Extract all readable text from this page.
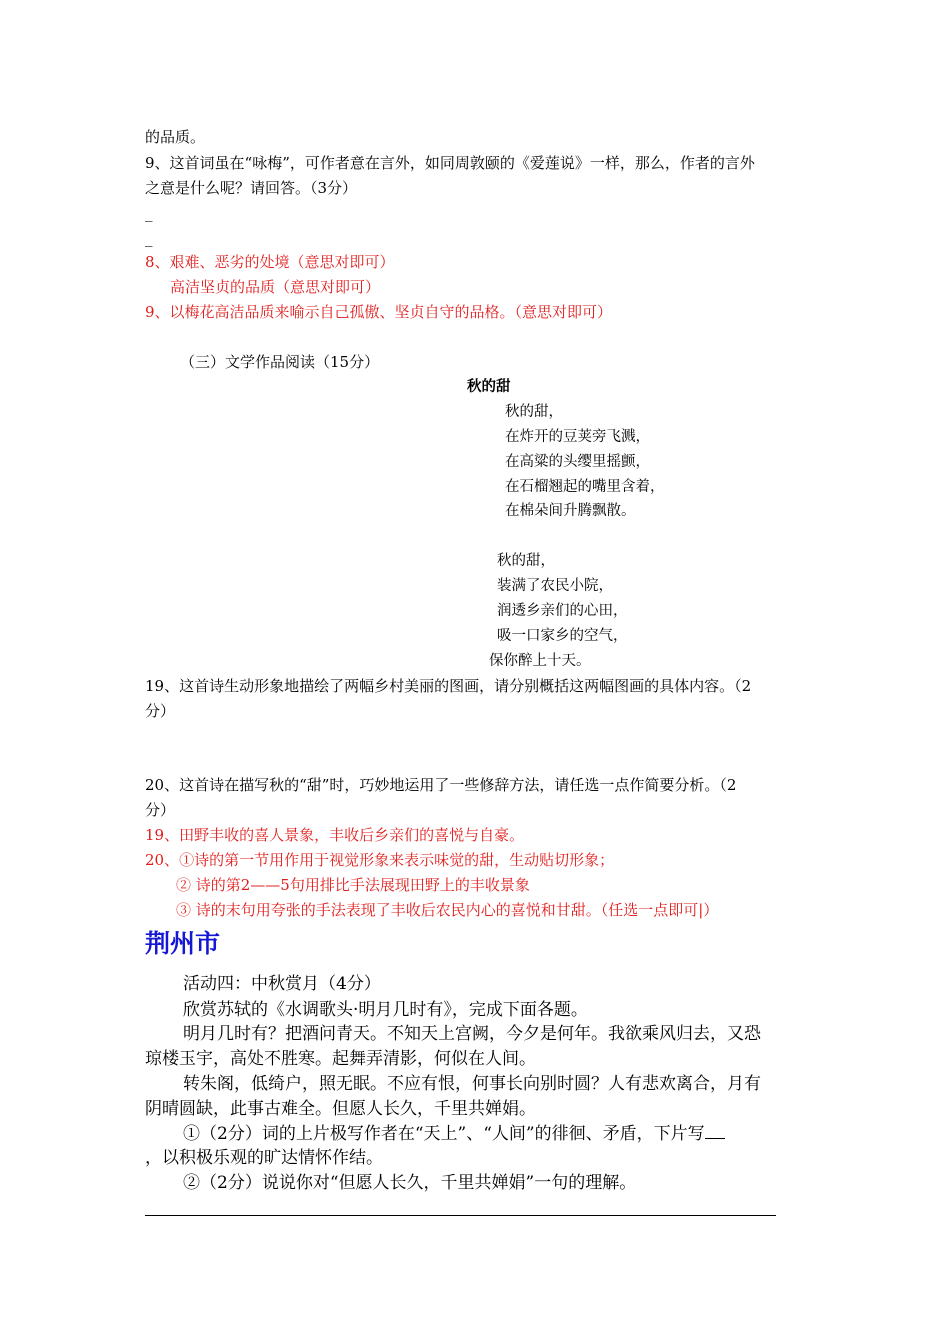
的品质。
9、这首词虽在“咏梅”，可作者意在言外，如同周敦颐的《爱莲说》一样，那么，作者的言外
之意是什么呢？请回答。（3分）
_
_
8、艰难、恶劣的处境（意思对即可）
高洁坚贞的品质（意思对即可）
9、以梅花高洁品质来喻示自己孤傲、坚贞自守的品格。（意思对即可）
（三）文学作品阅读（15分）
秋的甜
秋的甜，
在炸开的豆荚旁飞溅，
在高粱的头缨里摇颤，
在石榴翘起的嘴里含着，
在棉朵间升腾飘散。
秋的甜，
装满了农民小院，
润透乡亲们的心田，
吸一口家乡的空气，
保你醉上十天。
19、这首诗生动形象地描绘了两幅乡村美丽的图画，请分别概括这两幅图画的具体内容。（2
分）
20、这首诗在描写秋的“甜”时，巧妙地运用了一些修辞方法，请任选一点作简要分析。（2
分）
19、田野丰收的喜人景象，丰收后乡亲们的喜悦与自豪。
20、①诗的第一节用作用于视觉形象来表示味觉的甜，生动贴切形象；
② 诗的第2——5句用排比手法展现田野上的丰收景象
③ 诗的末句用夸张的手法表现了丰收后农民内心的喜悦和甘甜。（任选一点即可|）
荆州市
活动四：中秋赏月（4分）
欣赏苏轼的《水调歌头·明月几时有》，完成下面各题。
明月几时有？把酒问青天。不知天上宫阙，今夕是何年。我欲乘风归去，又恐
琼楼玉宇，高处不胜寒。起舞弄清影，何似在人间。
转朱阁，低绮户，照无眠。不应有恨，何事长向别时圆？人有悲欢离合，月有
阴晴圆缺，此事古难全。但愿人长久，千里共婵娟。
①（2分）词的上片极写作者在“天上”、“人间”的徘徊、矛盾，下片写
，以积极乐观的旷达情怀作结。
②（2分）说说你对“但愿人长久，千里共婵娟”一句的理解。
